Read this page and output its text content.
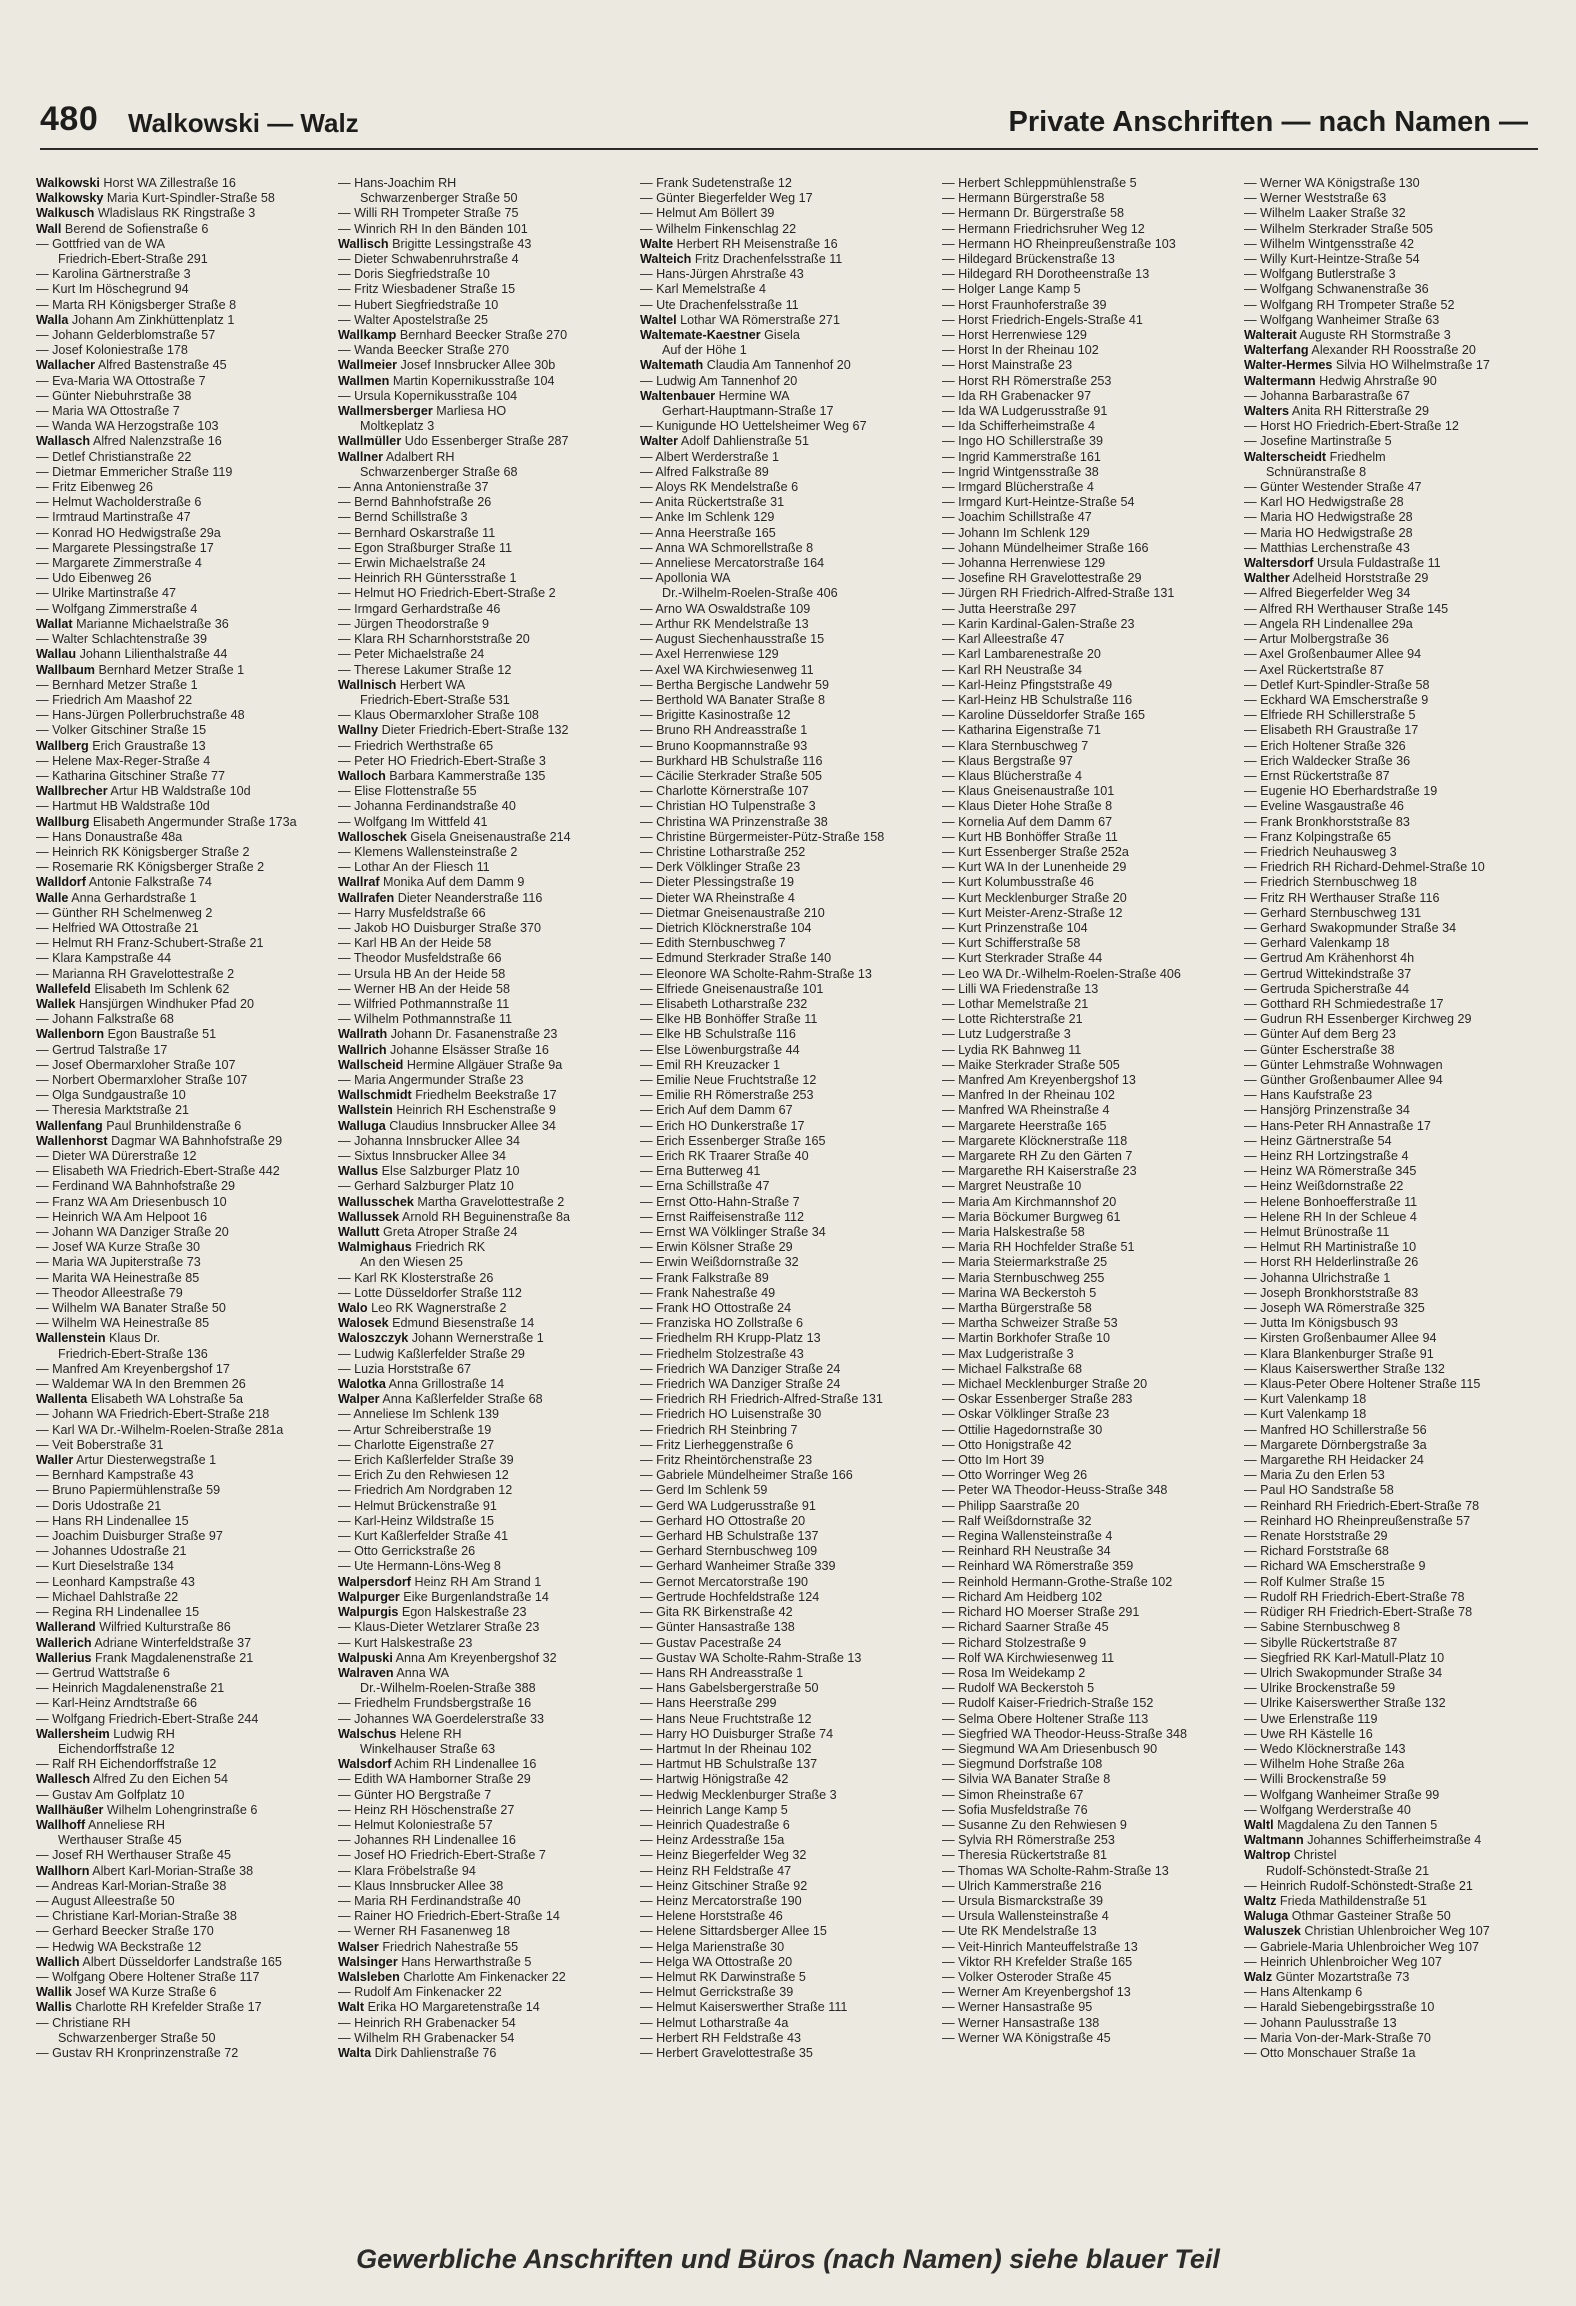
480 Walkowski — Walz	Private Anschriften — nach Namen —
Walkowski Horst WA Zillestraße 16
Walkowsky Maria Kurt-Spindler-Straße 58
Walkusch Wladislaus RK Ringstraße 3
Wall Berend de Sofienstraße 6
— Gottfried van de WA
Friedrich-Ebert-Straße 291
— Karolina Gärtnerstraße 3
— Kurt Im Höschegrund 94
— Marta RH Königsberger Straße 8
Walla Johann Am Zinkhüttenplatz 1
— Johann Gelderblomstraße 57
— Josef Koloniestraße 178
Wallacher Alfred Bastenstraße 45
— Eva-Maria WA Ottostraße 7
— Günter Niebuhrstraße 38
— Maria WA Ottostraße 7
— Wanda WA Herzogstraße 103
Wallasch Alfred Nalenzstraße 16
— Detlef Christianstraße 22
— Dietmar Emmericher Straße 119
— Fritz Eibenweg 26
— Helmut Wacholderstraße 6
— Irmtraud Martinstraße 47
— Konrad HO Hedwigstraße 29a
— Margarete Plessingstraße 17
— Margarete Zimmerstraße 4
— Udo Eibenweg 26
— Ulrike Martinstraße 47
— Wolfgang Zimmerstraße 4
Wallat Marianne Michaelstraße 36
— Walter Schlachtenstraße 39
Wallau Johann Lilienthalstraße 44
Wallbaum Bernhard Metzer Straße 1
— Bernhard Metzer Straße 1
— Friedrich Am Maashof 22
— Hans-Jürgen Pollerbruchstraße 48
— Volker Gitschiner Straße 15
Wallberg Erich Graustraße 13
— Helene Max-Reger-Straße 4
— Katharina Gitschiner Straße 77
Wallbrecher Artur HB Waldstraße 10d
— Hartmut HB Waldstraße 10d
Wallburg Elisabeth Angermunder Straße 173a
— Hans Donaustraße 48a
— Heinrich RK Königsberger Straße 2
— Rosemarie RK Königsberger Straße 2
Walldorf Antonie Falkstraße 74
Walle Anna Gerhardstraße 1
— Günther RH Schelmenweg 2
— Helfried WA Ottostraße 21
— Helmut RH Franz-Schubert-Straße 21
— Klara Kampstraße 44
— Marianna RH Gravelottestraße 2
Wallefeld Elisabeth Im Schlenk 62
Wallek Hansjürgen Windhuker Pfad 20
— Johann Falkstraße 68
Wallenborn Egon Baustraße 51
— Gertrud Talstraße 17
— Josef Obermarxloher Straße 107
— Norbert Obermarxloher Straße 107
— Olga Sundgaustraße 10
— Theresia Marktstraße 21
Wallenfang Paul Brunhildenstraße 6
Wallenhorst Dagmar WA Bahnhofstraße 29
— Dieter WA Dürerstraße 12
— Elisabeth WA Friedrich-Ebert-Straße 442
— Ferdinand WA Bahnhofstraße 29
— Franz WA Am Driesenbusch 10
— Heinrich WA Am Helpoot 16
— Johann WA Danziger Straße 20
— Josef WA Kurze Straße 30
— Maria WA Jupiterstraße 73
— Marita WA Heinestraße 85
— Theodor Alleestraße 79
— Wilhelm WA Banater Straße 50
— Wilhelm WA Heinestraße 85
Wallenstein Klaus Dr.
Friedrich-Ebert-Straße 136
— Manfred Am Kreyenbergshof 17
— Waldemar WA In den Bremmen 26
Wallenta Elisabeth WA Lohstraße 5a
— Johann WA Friedrich-Ebert-Straße 218
— Karl WA Dr.-Wilhelm-Roelen-Straße 281a
— Veit Boberstraße 31
Waller Artur Diesterwegstraße 1
— Bernhard Kampstraße 43
— Bruno Papiermühlenstraße 59
— Doris Udostraße 21
— Hans RH Lindenallee 15
— Joachim Duisburger Straße 97
— Johannes Udostraße 21
— Kurt Dieselstraße 134
— Leonhard Kampstraße 43
— Michael Dahlstraße 22
— Regina RH Lindenallee 15
Wallerand Wilfried Kulturstraße 86
Wallerich Adriane Winterfeldstraße 37
Wallerius Frank Magdalenenstraße 21
— Gertrud Wattstraße 6
— Heinrich Magdalenenstraße 21
— Karl-Heinz Arndtstraße 66
— Wolfgang Friedrich-Ebert-Straße 244
Wallersheim Ludwig RH
Eichendorffstraße 12
— Ralf RH Eichendorffstraße 12
Wallesch Alfred Zu den Eichen 54
— Gustav Am Golfplatz 10
Wallhäußer Wilhelm Lohengrinstraße 6
Wallhoff Anneliese RH
Werthauser Straße 45
— Josef RH Werthauser Straße 45
Wallhorn Albert Karl-Morian-Straße 38
— Andreas Karl-Morian-Straße 38
— August Alleestraße 50
— Christiane Karl-Morian-Straße 38
— Gerhard Beecker Straße 170
— Hedwig WA Beckstraße 12
Wallich Albert Düsseldorfer Landstraße 165
— Wolfgang Obere Holtener Straße 117
Wallik Josef WA Kurze Straße 6
Wallis Charlotte RH Krefelder Straße 17
— Christiane RH
Schwarzenberger Straße 50
— Gustav RH Kronprinzenstraße 72
— Hans-Joachim RH
Schwarzenberger Straße 50
— Willi RH Trompeter Straße 75
— Winrich RH In den Bänden 101
Wallisch Brigitte Lessingstraße 43
— Dieter Schwabenruhrstraße 4
— Doris Siegfriedstraße 10
— Fritz Wiesbadener Straße 15
— Hubert Siegfriedstraße 10
— Walter Apostelstraße 25
Wallkamp Bernhard Beecker Straße 270
— Wanda Beecker Straße 270
Wallmeier Josef Innsbrucker Allee 30b
Wallmen Martin Kopernikusstraße 104
— Ursula Kopernikusstraße 104
Wallmersberger Marliesa HO
Moltkeplatz 3
Wallmüller Udo Essenberger Straße 287
Wallner Adalbert RH
Schwarzenberger Straße 68
— Anna Antonienstraße 37
— Bernd Bahnhofstraße 26
— Bernd Schillstraße 3
— Bernhard Oskarstraße 11
— Egon Straßburger Straße 11
— Erwin Michaelstraße 24
— Heinrich RH Güntersstraße 1
— Helmut HO Friedrich-Ebert-Straße 2
— Irmgard Gerhardstraße 46
— Jürgen Theodorstraße 9
— Klara RH Scharnhorststraße 20
— Peter Michaelstraße 24
— Therese Lakumer Straße 12
Wallnisch Herbert WA
Friedrich-Ebert-Straße 531
— Klaus Obermarxloher Straße 108
Wallny Dieter Friedrich-Ebert-Straße 132
— Friedrich Werthstraße 65
— Peter HO Friedrich-Ebert-Straße 3
Walloch Barbara Kammerstraße 135
— Elise Flottenstraße 55
— Johanna Ferdinandstraße 40
— Wolfgang Im Wittfeld 41
Walloschek Gisela Gneisenaustraße 214
— Klemens Wallensteinstraße 2
— Lothar An der Fliesch 11
Wallraf Monika Auf dem Damm 9
Wallrafen Dieter Neanderstraße 116
— Harry Musfeldstraße 66
— Jakob HO Duisburger Straße 370
— Karl HB An der Heide 58
— Theodor Musfeldstraße 66
— Ursula HB An der Heide 58
— Werner HB An der Heide 58
— Wilfried Pothmannstraße 11
— Wilhelm Pothmannstraße 11
Wallrath Johann Dr. Fasanenstraße 23
Wallrich Johanne Elsässer Straße 16
Wallscheid Hermine Allgäuer Straße 9a
— Maria Angermunder Straße 23
Wallschmidt Friedhelm Beekstraße 17
Wallstein Heinrich RH Eschenstraße 9
Walluga Claudius Innsbrucker Allee 34
— Johanna Innsbrucker Allee 34
— Sixtus Innsbrucker Allee 34
Wallus Else Salzburger Platz 10
— Gerhard Salzburger Platz 10
Wallusschek Martha Gravelottestraße 2
Wallussek Arnold RH Beguinenstraße 8a
Wallutt Greta Atroper Straße 24
Walmighaus Friedrich RK
An den Wiesen 25
— Karl RK Klosterstraße 26
— Lotte Düsseldorfer Straße 112
Walo Leo RK Wagnerstraße 2
Walosek Edmund Biesenstraße 14
Waloszczyk Johann Wernerstraße 1
— Ludwig Kaßlerfelder Straße 29
— Luzia Horststraße 67
Walotka Anna Grillostraße 14
Walper Anna Kaßlerfelder Straße 68
— Anneliese Im Schlenk 139
— Artur Schreiberstraße 19
— Charlotte Eigenstraße 27
— Erich Kaßlerfelder Straße 39
— Erich Zu den Rehwiesen 12
— Friedrich Am Nordgraben 12
— Helmut Brückenstraße 91
— Karl-Heinz Wildstraße 15
— Kurt Kaßlerfelder Straße 41
— Otto Gerrickstraße 26
— Ute Hermann-Löns-Weg 8
Walpersdorf Heinz RH Am Strand 1
Walpurger Eike Burgenlandstraße 14
Walpurgis Egon Halskestraße 23
— Klaus-Dieter Wetzlarer Straße 23
— Kurt Halskestraße 23
Walpuski Anna Am Kreyenbergshof 32
Walraven Anna WA
Dr.-Wilhelm-Roelen-Straße 388
— Friedhelm Frundsbergstraße 16
— Johannes WA Goerdelerstraße 33
Walschus Helene RH
Winkelhauser Straße 63
Walsdorf Achim RH Lindenallee 16
— Edith WA Hamborner Straße 29
— Günter HO Bergstraße 7
— Heinz RH Höschenstraße 27
— Helmut Koloniestraße 57
— Johannes RH Lindenallee 16
— Josef HO Friedrich-Ebert-Straße 7
— Klara Fröbelstraße 94
— Klaus Innsbrucker Allee 38
— Maria RH Ferdinandstraße 40
— Rainer HO Friedrich-Ebert-Straße 14
— Werner RH Fasanenweg 18
Walser Friedrich Nahestraße 55
Walsinger Hans Herwarthstraße 5
Walsleben Charlotte Am Finkenacker 22
— Rudolf Am Finkenacker 22
Walt Erika HO Margaretenstraße 14
— Heinrich RH Grabenacker 54
— Wilhelm RH Grabenacker 54
Walta Dirk Dahlienstraße 76
— Frank Sudetenstraße 12
— Günter Biegerfelder Weg 17
— Helmut Am Böllert 39
— Wilhelm Finkenschlag 22
Walte Herbert RH Meisenstraße 16
Walteich Fritz Drachenfelsstraße 11
— Hans-Jürgen Ahrstraße 43
— Karl Memelstraße 4
— Ute Drachenfelsstraße 11
Waltel Lothar WA Römerstraße 271
Waltemate-Kaestner Gisela
Auf der Höhe 1
Waltemath Claudia Am Tannenhof 20
— Ludwig Am Tannenhof 20
Waltenbauer Hermine WA
Gerhart-Hauptmann-Straße 17
— Kunigunde HO Uettelsheimer Weg 67
Walter Adolf Dahlienstraße 51
— Albert Werderstraße 1
— Alfred Falkstraße 89
— Aloys RK Mendelstraße 6
— Anita Rückertstraße 31
— Anke Im Schlenk 129
— Anna Heerstraße 165
— Anna WA Schmorellstraße 8
— Anneliese Mercatorstraße 164
— Apollonia WA
Dr.-Wilhelm-Roelen-Straße 406
— Arno WA Oswaldstraße 109
— Arthur RK Mendelstraße 13
— August Siechenhausstraße 15
— Axel Herrenwiese 129
— Axel WA Kirchwiesenweg 11
— Bertha Bergische Landwehr 59
— Berthold WA Banater Straße 8
— Brigitte Kasinostraße 12
— Bruno RH Andreasstraße 1
— Bruno Koopmannstraße 93
— Burkhard HB Schulstraße 116
— Cäcilie Sterkrader Straße 505
— Charlotte Körnerstraße 107
— Christian HO Tulpenstraße 3
— Christina WA Prinzenstraße 38
— Christine Bürgermeister-Pütz-Straße 158
— Christine Lotharstraße 252
— Derk Völklinger Straße 23
— Dieter Plessingstraße 19
— Dieter WA Rheinstraße 4
— Dietmar Gneisenaustraße 210
— Dietrich Klöcknerstraße 104
— Edith Sternbuschweg 7
— Edmund Sterkrader Straße 140
— Eleonore WA Scholte-Rahm-Straße 13
— Elfriede Gneisenaustraße 101
— Elisabeth Lotharstraße 232
— Elke HB Bonhöffer Straße 11
— Elke HB Schulstraße 116
— Else Löwenburgstraße 44
— Emil RH Kreuzacker 1
— Emilie Neue Fruchtstraße 12
— Emilie RH Römerstraße 253
— Erich Auf dem Damm 67
— Erich HO Dunkerstraße 17
— Erich Essenberger Straße 165
— Erich RK Traarer Straße 40
— Erna Butterweg 41
— Erna Schillstraße 47
— Ernst Otto-Hahn-Straße 7
— Ernst Raiffeisenstraße 112
— Ernst WA Völklinger Straße 34
— Erwin Kölsner Straße 29
— Erwin Weißdornstraße 32
— Frank Falkstraße 89
— Frank Nahestraße 49
— Frank HO Ottostraße 24
— Franziska HO Zollstraße 6
— Friedhelm RH Krupp-Platz 13
— Friedhelm Stolzestraße 43
— Friedrich WA Danziger Straße 24
— Friedrich WA Danziger Straße 24
— Friedrich RH Friedrich-Alfred-Straße 131
— Friedrich HO Luisenstraße 30
— Friedrich RH Steinbring 7
— Fritz Lierheggenstraße 6
— Fritz Rheintörchenstraße 23
— Gabriele Mündelheimer Straße 166
— Gerd Im Schlenk 59
— Gerd WA Ludgerusstraße 91
— Gerhard HO Ottostraße 20
— Gerhard HB Schulstraße 137
— Gerhard Sternbuschweg 109
— Gerhard Wanheimer Straße 339
— Gernot Mercatorstraße 190
— Gertrude Hochfeldstraße 124
— Gita RK Birkenstraße 42
— Günter Hansastraße 138
— Gustav Pacestraße 24
— Gustav WA Scholte-Rahm-Straße 13
— Hans RH Andreasstraße 1
— Hans Gabelsbergerstraße 50
— Hans Heerstraße 299
— Hans Neue Fruchtstraße 12
— Harry HO Duisburger Straße 74
— Hartmut In der Rheinau 102
— Hartmut HB Schulstraße 137
— Hartwig Hönigstraße 42
— Hedwig Mecklenburger Straße 3
— Heinrich Lange Kamp 5
— Heinrich Quadestraße 6
— Heinz Ardesstraße 15a
— Heinz Biegerfelder Weg 32
— Heinz RH Feldstraße 47
— Heinz Gitschiner Straße 92
— Heinz Mercatorstraße 190
— Helene Horststraße 46
— Helene Sittardsberger Allee 15
— Helga Marienstraße 30
— Helga WA Ottostraße 20
— Helmut RK Darwinstraße 5
— Helmut Gerrickstraße 39
— Helmut Kaiserswerther Straße 111
— Helmut Lotharstraße 4a
— Herbert RH Feldstraße 43
— Herbert Gravelottestraße 35
— Herbert Schleppmühlenstraße 5
— Hermann Bürgerstraße 58
— Hermann Dr. Bürgerstraße 58
— Hermann Friedrichsruher Weg 12
— Hermann HO Rheinpreußenstraße 103
— Hildegard Brückenstraße 13
— Hildegard RH Dorotheenstraße 13
— Holger Lange Kamp 5
— Horst Fraunhoferstraße 39
— Horst Friedrich-Engels-Straße 41
— Horst Herrenwiese 129
— Horst In der Rheinau 102
— Horst Mainstraße 23
— Horst RH Römerstraße 253
— Ida RH Grabenacker 97
— Ida WA Ludgerusstraße 91
— Ida Schifferheimstraße 4
— Ingo HO Schillerstraße 39
— Ingrid Kammerstraße 161
— Ingrid Wintgensstraße 38
— Irmgard Blücherstraße 4
— Irmgard Kurt-Heintze-Straße 54
— Joachim Schillstraße 47
— Johann Im Schlenk 129
— Johann Mündelheimer Straße 166
— Johanna Herrenwiese 129
— Josefine RH Gravelottestraße 29
— Jürgen RH Friedrich-Alfred-Straße 131
— Jutta Heerstraße 297
— Karin Kardinal-Galen-Straße 23
— Karl Alleestraße 47
— Karl Lambarenestraße 20
— Karl RH Neustraße 34
— Karl-Heinz Pfingststraße 49
— Karl-Heinz HB Schulstraße 116
— Karoline Düsseldorfer Straße 165
— Katharina Eigenstraße 71
— Klara Sternbuschweg 7
— Klaus Bergstraße 97
— Klaus Blücherstraße 4
— Klaus Gneisenaustraße 101
— Klaus Dieter Hohe Straße 8
— Kornelia Auf dem Damm 67
— Kurt HB Bonhöffer Straße 11
— Kurt Essenberger Straße 252a
— Kurt WA In der Lunenheide 29
— Kurt Kolumbusstraße 46
— Kurt Mecklenburger Straße 20
— Kurt Meister-Arenz-Straße 12
— Kurt Prinzenstraße 104
— Kurt Schifferstraße 58
— Kurt Sterkrader Straße 44
— Leo WA Dr.-Wilhelm-Roelen-Straße 406
— Lilli WA Friedenstraße 13
— Lothar Memelstraße 21
— Lotte Richterstraße 21
— Lutz Ludgerstraße 3
— Lydia RK Bahnweg 11
— Maike Sterkrader Straße 505
— Manfred Am Kreyenbergshof 13
— Manfred In der Rheinau 102
— Manfred WA Rheinstraße 4
— Margarete Heerstraße 165
— Margarete Klöcknerstraße 118
— Margarete RH Zu den Gärten 7
— Margarethe RH Kaiserstraße 23
— Margret Neustraße 10
— Maria Am Kirchmannshof 20
— Maria Böckumer Burgweg 61
— Maria Halskestraße 58
— Maria RH Hochfelder Straße 51
— Maria Steiermarkstraße 25
— Maria Sternbuschweg 255
— Marina WA Beckerstoh 5
— Martha Bürgerstraße 58
— Martha Schweizer Straße 53
— Martin Borkhofer Straße 10
— Max Ludgeristraße 3
— Michael Falkstraße 68
— Michael Mecklenburger Straße 20
— Oskar Essenberger Straße 283
— Oskar Völklinger Straße 23
— Ottilie Hagedornstraße 30
— Otto Honigstraße 42
— Otto Im Hort 39
— Otto Worringer Weg 26
— Peter WA Theodor-Heuss-Straße 348
— Philipp Saarstraße 20
— Ralf Weißdornstraße 32
— Regina Wallensteinstraße 4
— Reinhard RH Neustraße 34
— Reinhard WA Römerstraße 359
— Reinhold Hermann-Grothe-Straße 102
— Richard Am Heidberg 102
— Richard HO Moerser Straße 291
— Richard Saarner Straße 45
— Richard Stolzestraße 9
— Rolf WA Kirchwiesenweg 11
— Rosa Im Weidekamp 2
— Rudolf WA Beckerstoh 5
— Rudolf Kaiser-Friedrich-Straße 152
— Selma Obere Holtener Straße 113
— Siegfried WA Theodor-Heuss-Straße 348
— Siegmund WA Am Driesenbusch 90
— Siegmund Dorfstraße 108
— Silvia WA Banater Straße 8
— Simon Rheinstraße 67
— Sofia Musfeldstraße 76
— Susanne Zu den Rehwiesen 9
— Sylvia RH Römerstraße 253
— Theresia Rückertstraße 81
— Thomas WA Scholte-Rahm-Straße 13
— Ulrich Kammerstraße 216
— Ursula Bismarckstraße 39
— Ursula Wallensteinstraße 4
— Ute RK Mendelstraße 13
— Veit-Hinrich Manteuffelstraße 13
— Viktor RH Krefelder Straße 165
— Volker Osteroder Straße 45
— Werner Am Kreyenbergshof 13
— Werner Hansastraße 95
— Werner Hansastraße 138
— Werner WA Königstraße 45
— Werner WA Königstraße 130
— Werner Weststraße 63
— Wilhelm Laaker Straße 32
— Wilhelm Sterkrader Straße 505
— Wilhelm Wintgensstraße 42
— Willy Kurt-Heintze-Straße 54
— Wolfgang Butlerstraße 3
— Wolfgang Schwanenstraße 36
— Wolfgang RH Trompeter Straße 52
— Wolfgang Wanheimer Straße 63
Walterait Auguste RH Stormstraße 3
Walterfang Alexander RH Roosstraße 20
Walter-Hermes Silvia HO Wilhelmstraße 17
Waltermann Hedwig Ahrstraße 90
— Johanna Barbarastraße 67
Walters Anita RH Ritterstraße 29
— Horst HO Friedrich-Ebert-Straße 12
— Josefine Martinstraße 5
Walterscheidt Friedhelm
Schnüranstraße 8
— Günter Westender Straße 47
— Karl HO Hedwigstraße 28
— Maria HO Hedwigstraße 28
— Maria HO Hedwigstraße 28
— Matthias Lerchenstraße 43
Waltersdorf Ursula Fuldastraße 11
Walther Adelheid Horststraße 29
— Alfred Biegerfelder Weg 34
— Alfred RH Werthauser Straße 145
— Angela RH Lindenallee 29a
— Artur Molbergstraße 36
— Axel Großenbaumer Allee 94
— Axel Rückertstraße 87
— Detlef Kurt-Spindler-Straße 58
— Eckhard WA Emscherstraße 9
— Elfriede RH Schillerstraße 5
— Elisabeth RH Graustraße 17
— Erich Holtener Straße 326
— Erich Waldecker Straße 36
— Ernst Rückertstraße 87
— Eugenie HO Eberhardstraße 19
— Eveline Wasgaustraße 46
— Frank Bronkhorststraße 83
— Franz Kolpingstraße 65
— Friedrich Neuhausweg 3
— Friedrich RH Richard-Dehmel-Straße 10
— Friedrich Sternbuschweg 18
— Fritz RH Werthauser Straße 116
— Gerhard Sternbuschweg 131
— Gerhard Swakopmunder Straße 34
— Gerhard Valenkamp 18
— Gertrud Am Krähenhorst 4h
— Gertrud Wittekindstraße 37
— Gertruda Spicherstraße 44
— Gotthard RH Schmiedestraße 17
— Gudrun RH Essenberger Kirchweg 29
— Günter Auf dem Berg 23
— Günter Escherstraße 38
— Günter Lehmstraße Wohnwagen
— Günther Großenbaumer Allee 94
— Hans Kaufstraße 23
— Hansjörg Prinzenstraße 34
— Hans-Peter RH Annastraße 17
— Heinz Gärtnerstraße 54
— Heinz RH Lortzingstraße 4
— Heinz WA Römerstraße 345
— Heinz Weißdornstraße 22
— Helene Bonhoefferstraße 11
— Helene RH In der Schleue 4
— Helmut Brünostraße 11
— Helmut RH Martinistraße 10
— Horst RH Helderlinstraße 26
— Johanna Ulrichstraße 1
— Joseph Bronkhorststraße 83
— Joseph WA Römerstraße 325
— Jutta Im Königsbusch 93
— Kirsten Großenbaumer Allee 94
— Klara Blankenburger Straße 91
— Klaus Kaiserswerther Straße 132
— Klaus-Peter Obere Holtener Straße 115
— Kurt Valenkamp 18
— Kurt Valenkamp 18
— Manfred HO Schillerstraße 56
— Margarete Dörnbergstraße 3a
— Margarethe RH Heidacker 24
— Maria Zu den Erlen 53
— Paul HO Sandstraße 58
— Reinhard RH Friedrich-Ebert-Straße 78
— Reinhard HO Rheinpreußenstraße 57
— Renate Horststraße 29
— Richard Forststraße 68
— Richard WA Emscherstraße 9
— Rolf Kulmer Straße 15
— Rudolf RH Friedrich-Ebert-Straße 78
— Rüdiger RH Friedrich-Ebert-Straße 78
— Sabine Sternbuschweg 8
— Sibylle Rückertstraße 87
— Siegfried RK Karl-Matull-Platz 10
— Ulrich Swakopmunder Straße 34
— Ulrike Brockenstraße 59
— Ulrike Kaiserswerther Straße 132
— Uwe Erlenstraße 119
— Uwe RH Kästelle 16
— Wedo Klöcknerstraße 143
— Wilhelm Hohe Straße 26a
— Willi Brockenstraße 59
— Wolfgang Wanheimer Straße 99
— Wolfgang Werderstraße 40
Waltl Magdalena Zu den Tannen 5
Waltmann Johannes Schifferheimstraße 4
Waltrop Christel
Rudolf-Schönstedt-Straße 21
— Heinrich Rudolf-Schönstedt-Straße 21
Waltz Frieda Mathildenstraße 51
Waluga Othmar Gasteiner Straße 50
Waluszek Christian Uhlenbroicher Weg 107
— Gabriele-Maria Uhlenbroicher Weg 107
— Heinrich Uhlenbroicher Weg 107
Walz Günter Mozartstraße 73
— Hans Altenkamp 6
— Harald Siebengebirgsstraße 10
— Johann Paulusstraße 13
— Maria Von-der-Mark-Straße 70
— Otto Monschauer Straße 1a
Gewerbliche Anschriften und Büros (nach Namen) siehe blauer Teil
